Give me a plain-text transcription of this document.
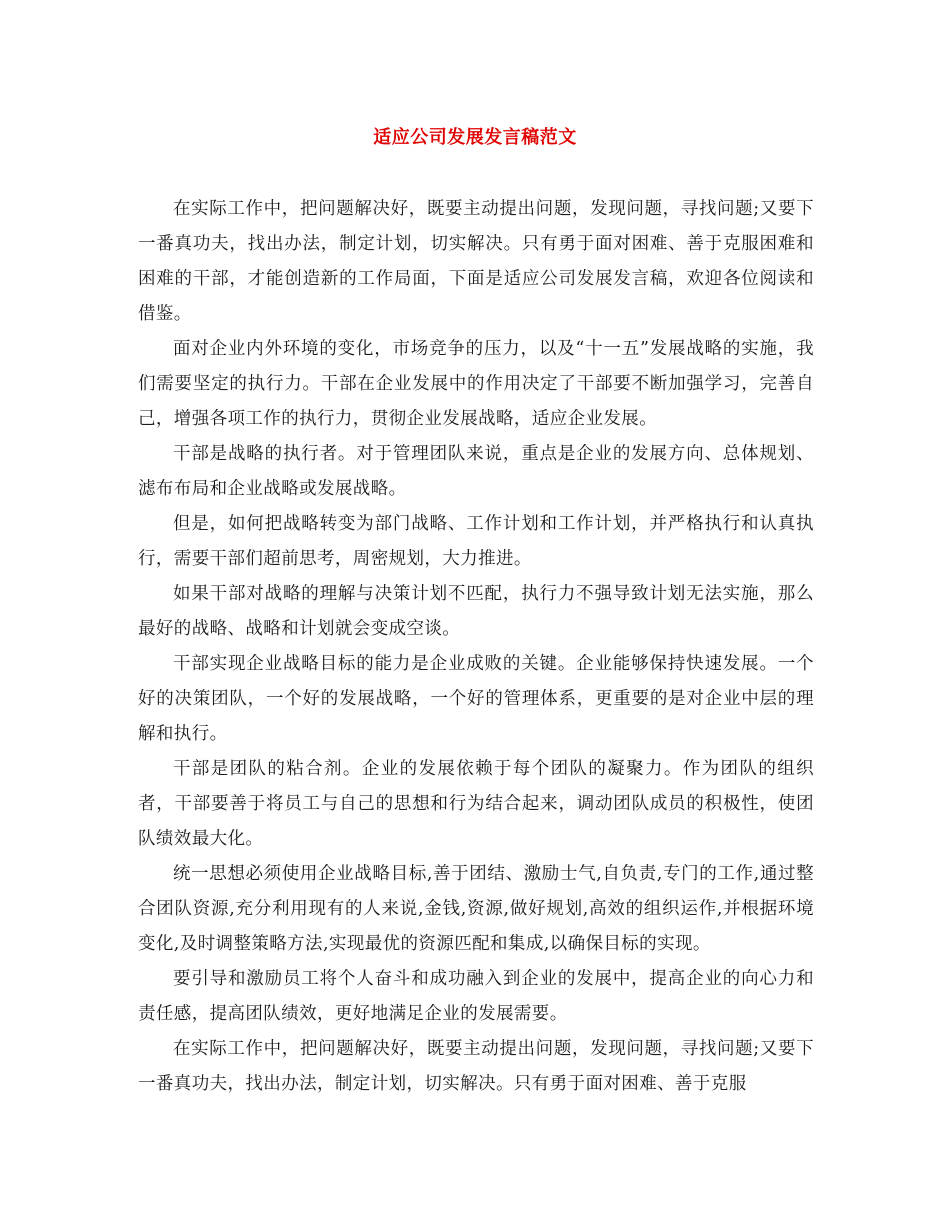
适应公司发展发言稿范文

在实际工作中，把问题解决好，既要主动提出问题，发现问题，寻找问题;又要下一番真功夫，找出办法，制定计划，切实解决。只有勇于面对困难、善于克服困难和困难的干部，才能创造新的工作局面，下面是适应公司发展发言稿，欢迎各位阅读和借鉴。

面对企业内外环境的变化，市场竞争的压力，以及“十一五”发展战略的实施，我们需要坚定的执行力。干部在企业发展中的作用决定了干部要不断加强学习，完善自己，增强各项工作的执行力，贯彻企业发展战略，适应企业发展。

干部是战略的执行者。对于管理团队来说，重点是企业的发展方向、总体规划、滤布布局和企业战略或发展战略。

但是，如何把战略转变为部门战略、工作计划和工作计划，并严格执行和认真执行，需要干部们超前思考，周密规划，大力推进。

如果干部对战略的理解与决策计划不匹配，执行力不强导致计划无法实施，那么最好的战略、战略和计划就会变成空谈。

干部实现企业战略目标的能力是企业成败的关键。企业能够保持快速发展。一个好的决策团队，一个好的发展战略，一个好的管理体系，更重要的是对企业中层的理解和执行。

干部是团队的粘合剂。企业的发展依赖于每个团队的凝聚力。作为团队的组织者，干部要善于将员工与自己的思想和行为结合起来，调动团队成员的积极性，使团队绩效最大化。

统一思想必须使用企业战略目标,善于团结、激励士气,自负责,专门的工作,通过整合团队资源,充分利用现有的人来说,金钱,资源,做好规划,高效的组织运作,并根据环境变化,及时调整策略方法,实现最优的资源匹配和集成,以确保目标的实现。

要引导和激励员工将个人奋斗和成功融入到企业的发展中，提高企业的向心力和责任感，提高团队绩效，更好地满足企业的发展需要。

在实际工作中，把问题解决好，既要主动提出问题，发现问题，寻找问题;又要下一番真功夫，找出办法，制定计划，切实解决。只有勇于面对困难、善于克服
